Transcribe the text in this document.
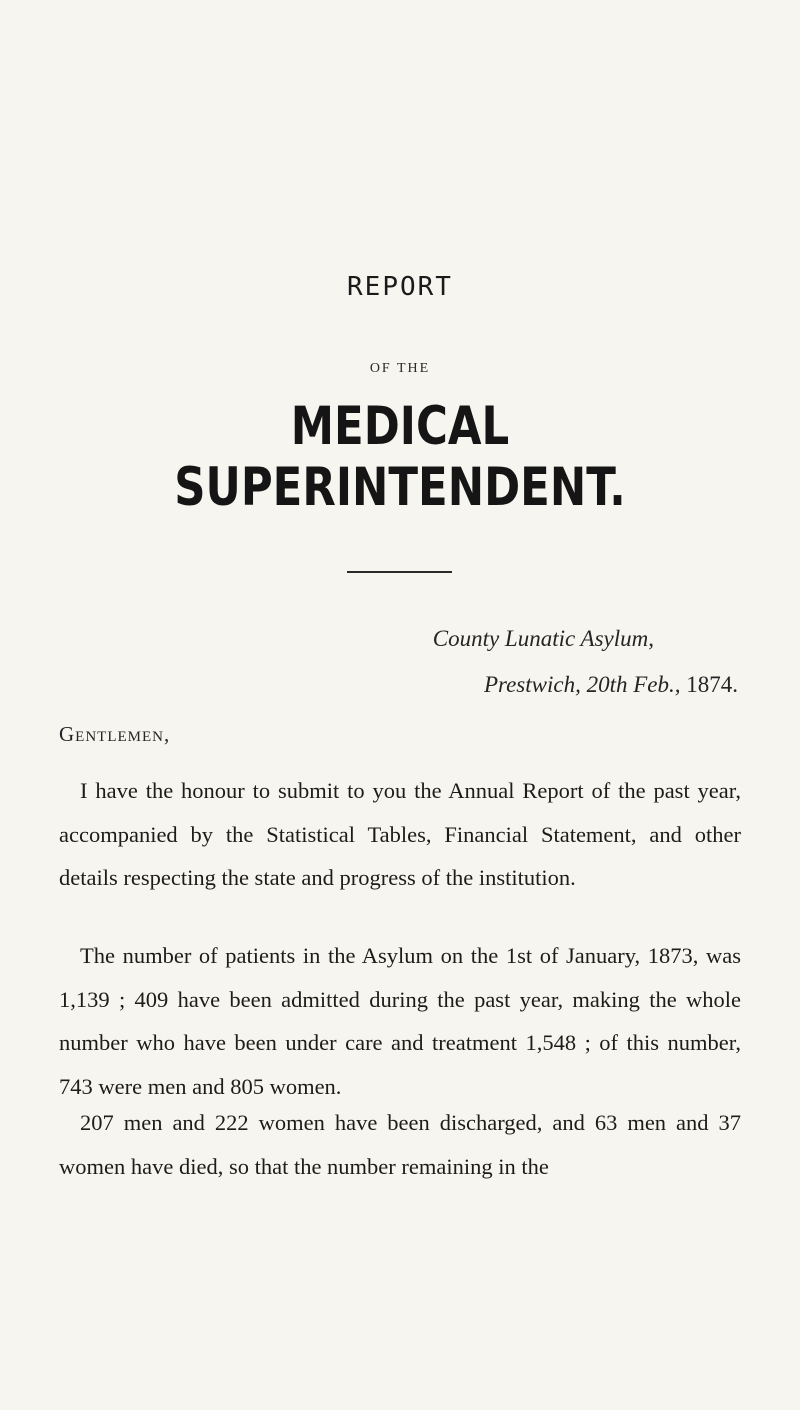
REPORT
OF THE
MEDICAL SUPERINTENDENT.
County Lunatic Asylum,
Prestwich, 20th Feb., 1874.
Gentlemen,

I have the honour to submit to you the Annual Report of the past year, accompanied by the Statistical Tables, Financial Statement, and other details respecting the state and progress of the institution.

The number of patients in the Asylum on the 1st of January, 1873, was 1,139 ; 409 have been admitted during the past year, making the whole number who have been under care and treatment 1,548 ; of this number, 743 were men and 805 women.

207 men and 222 women have been discharged, and 63 men and 37 women have died, so that the number remaining in the
